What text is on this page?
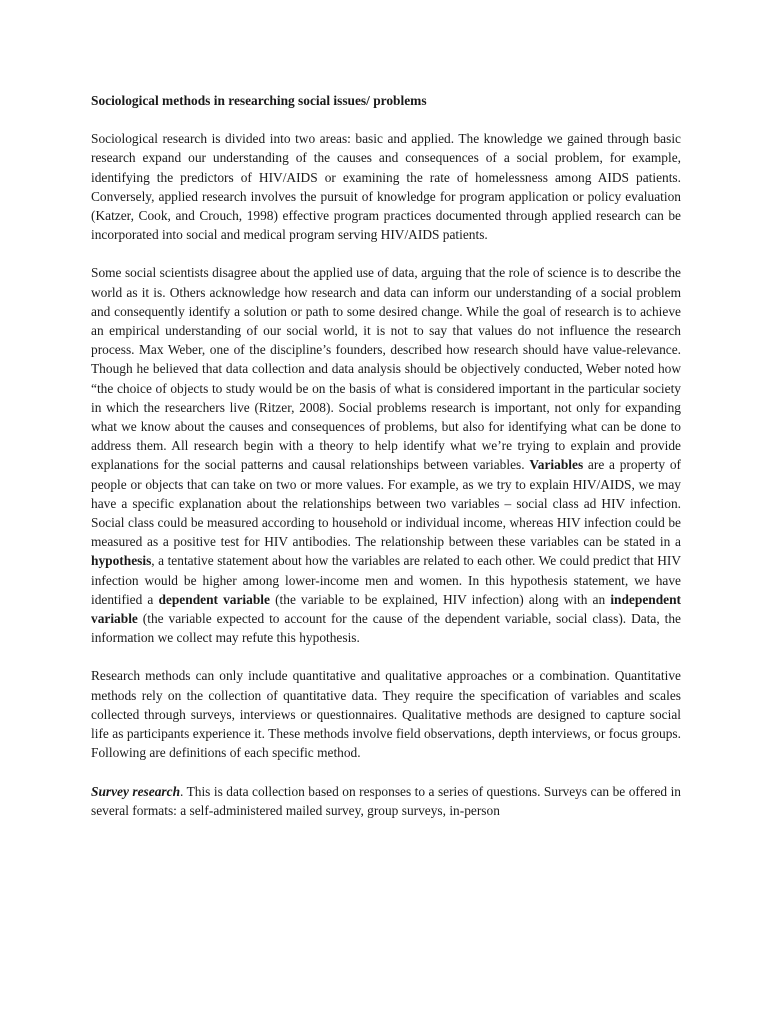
Sociological methods in researching social issues/ problems
Sociological research is divided into two areas: basic and applied. The knowledge we gained through basic research expand our understanding of the causes and consequences of a social problem, for example, identifying the predictors of HIV/AIDS or examining the rate of homelessness among AIDS patients. Conversely, applied research involves the pursuit of knowledge for program application or policy evaluation (Katzer, Cook, and Crouch, 1998) effective program practices documented through applied research can be incorporated into social and medical program serving HIV/AIDS patients.
Some social scientists disagree about the applied use of data, arguing that the role of science is to describe the world as it is. Others acknowledge how research and data can inform our understanding of a social problem and consequently identify a solution or path to some desired change. While the goal of research is to achieve an empirical understanding of our social world, it is not to say that values do not influence the research process. Max Weber, one of the discipline’s founders, described how research should have value-relevance. Though he believed that data collection and data analysis should be objectively conducted, Weber noted how “the choice of objects to study would be on the basis of what is considered important in the particular society in which the researchers live (Ritzer, 2008). Social problems research is important, not only for expanding what we know about the causes and consequences of problems, but also for identifying what can be done to address them. All research begin with a theory to help identify what we’re trying to explain and provide explanations for the social patterns and causal relationships between variables. Variables are a property of people or objects that can take on two or more values. For example, as we try to explain HIV/AIDS, we may have a specific explanation about the relationships between two variables – social class ad HIV infection. Social class could be measured according to household or individual income, whereas HIV infection could be measured as a positive test for HIV antibodies. The relationship between these variables can be stated in a hypothesis, a tentative statement about how the variables are related to each other. We could predict that HIV infection would be higher among lower-income men and women. In this hypothesis statement, we have identified a dependent variable (the variable to be explained, HIV infection) along with an independent variable (the variable expected to account for the cause of the dependent variable, social class). Data, the information we collect may refute this hypothesis.
Research methods can only include quantitative and qualitative approaches or a combination. Quantitative methods rely on the collection of quantitative data. They require the specification of variables and scales collected through surveys, interviews or questionnaires. Qualitative methods are designed to capture social life as participants experience it. These methods involve field observations, depth interviews, or focus groups. Following are definitions of each specific method.
Survey research. This is data collection based on responses to a series of questions. Surveys can be offered in several formats: a self-administered mailed survey, group surveys, in-person
